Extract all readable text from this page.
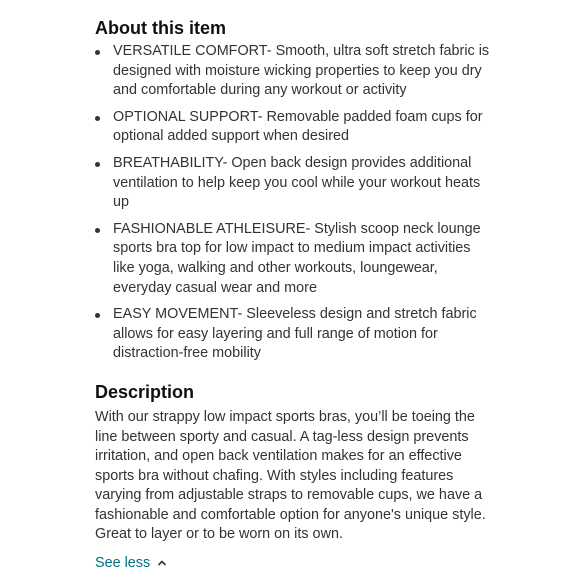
About this item
VERSATILE COMFORT- Smooth, ultra soft stretch fabric is designed with moisture wicking properties to keep you dry and comfortable during any workout or activity
OPTIONAL SUPPORT- Removable padded foam cups for optional added support when desired
BREATHABILITY- Open back design provides additional ventilation to help keep you cool while your workout heats up
FASHIONABLE ATHLEISURE- Stylish scoop neck lounge sports bra top for low impact to medium impact activities like yoga, walking and other workouts, loungewear, everyday casual wear and more
EASY MOVEMENT- Sleeveless design and stretch fabric allows for easy layering and full range of motion for distraction-free mobility
Description

With our strappy low impact sports bras, you’ll be toeing the line between sporty and casual. A tag-less design prevents irritation, and open back ventilation makes for an effective sports bra without chafing. With styles including features varying from adjustable straps to removable cups, we have a fashionable and comfortable option for anyone's unique style. Great to layer or to be worn on its own.

See less
